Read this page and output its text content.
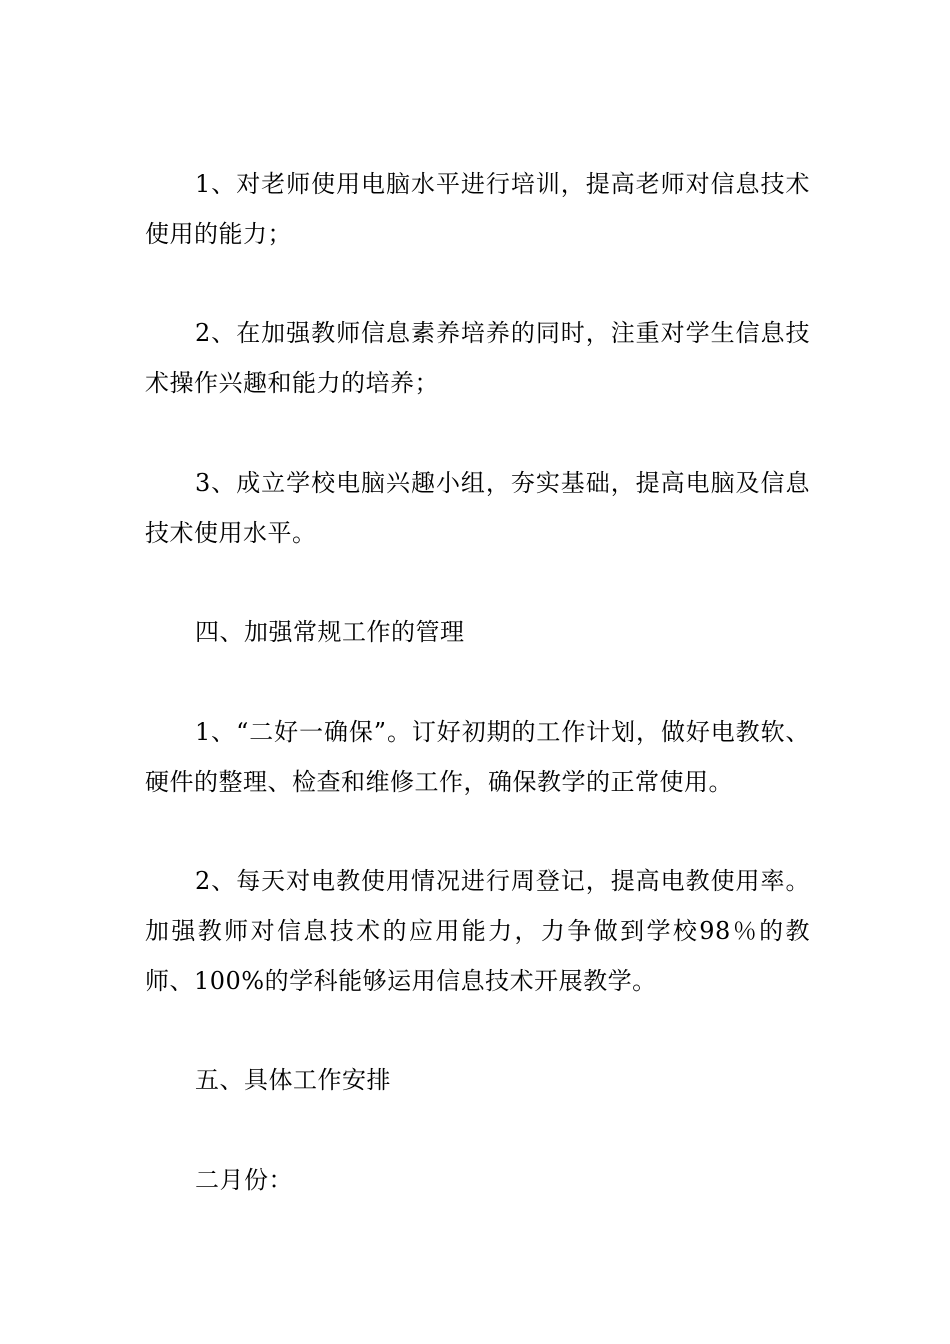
1、对老师使用电脑水平进行培训，提高老师对信息技术使用的能力；

2、在加强教师信息素养培养的同时，注重对学生信息技术操作兴趣和能力的培养；

3、成立学校电脑兴趣小组，夯实基础，提高电脑及信息技术使用水平。

四、加强常规工作的管理

1、“二好一确保”。订好初期的工作计划，做好电教软、硬件的整理、检查和维修工作，确保教学的正常使用。

2、每天对电教使用情况进行周登记，提高电教使用率。加强教师对信息技术的应用能力，力争做到学校98％的教师、100%的学科能够运用信息技术开展教学。

五、具体工作安排

二月份：
